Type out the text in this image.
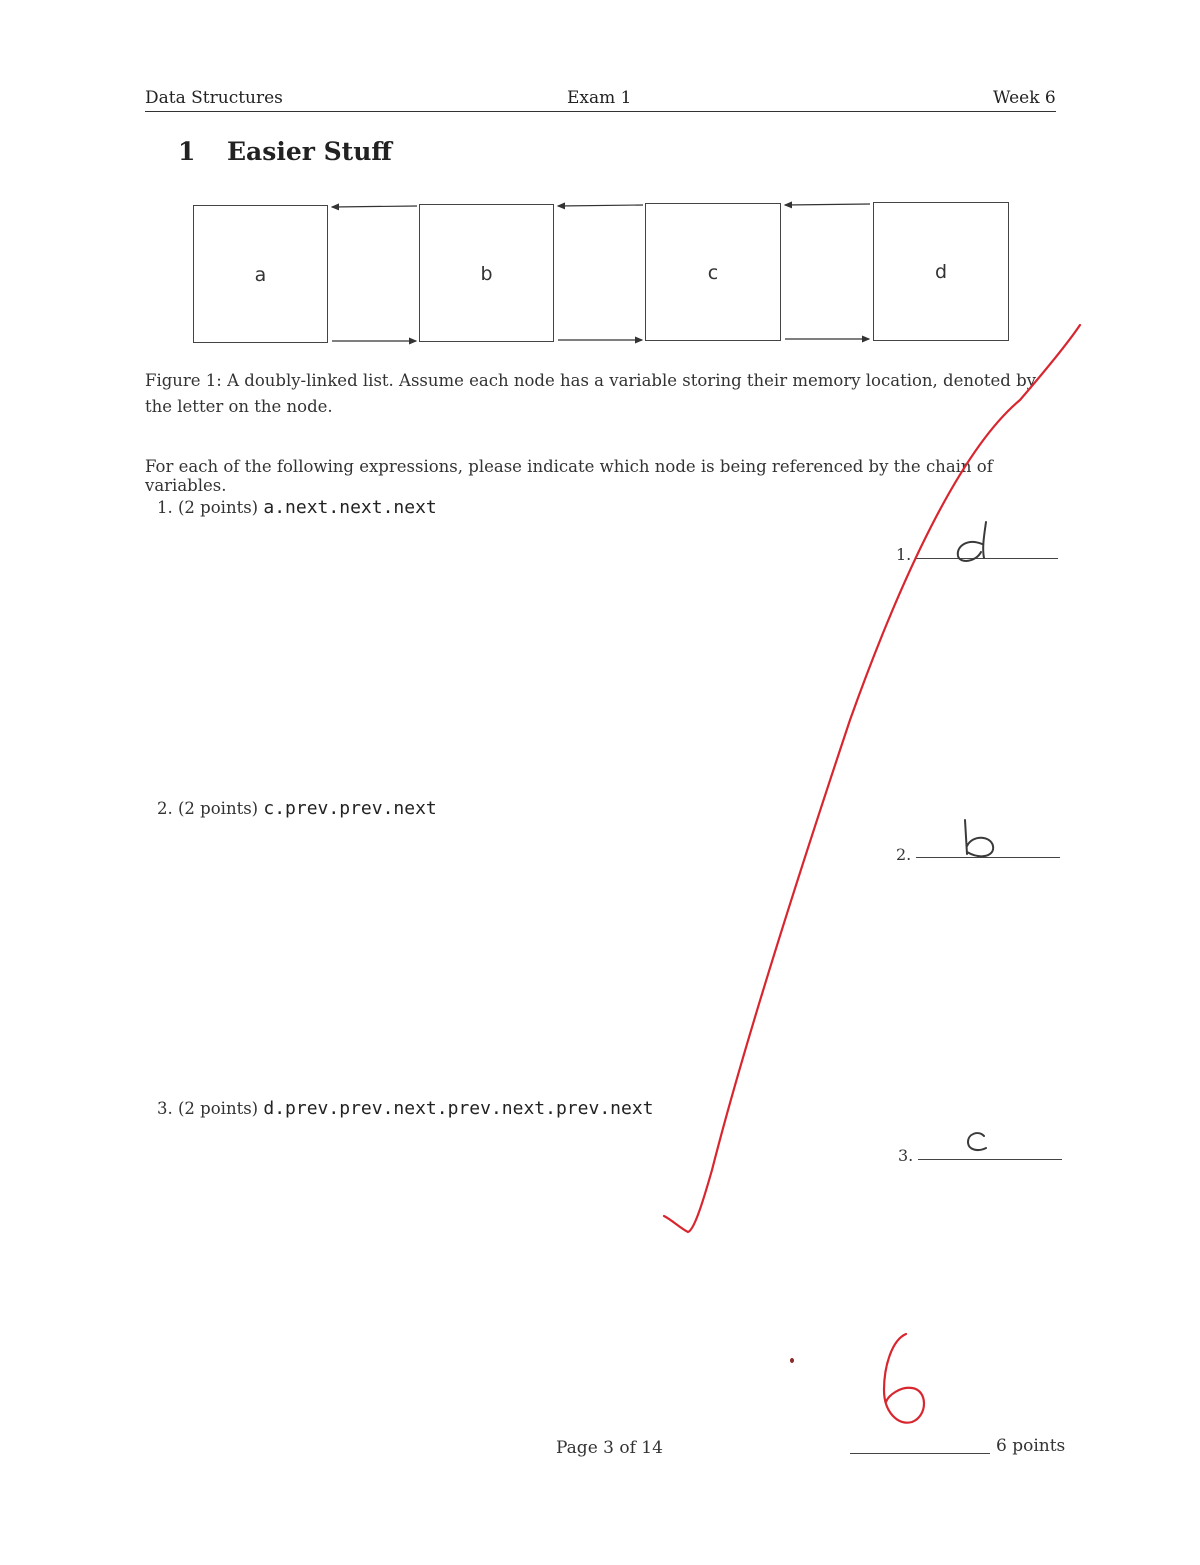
Data Structures	Exam 1	Week 6
1 Easier Stuff
a	b	c	d
Figure 1: A doubly-linked list. Assume each node has a variable storing their memory location, denoted by the letter on the node.
For each of the following expressions, please indicate which node is being referenced by the chain of variables.
1. (2 points) a.next.next.next
1.
d
2. (2 points) c.prev.prev.next
2.
b
3. (2 points) d.prev.prev.next.prev.next.prev.next
3.
c
Page 3 of 14	6 points
6
